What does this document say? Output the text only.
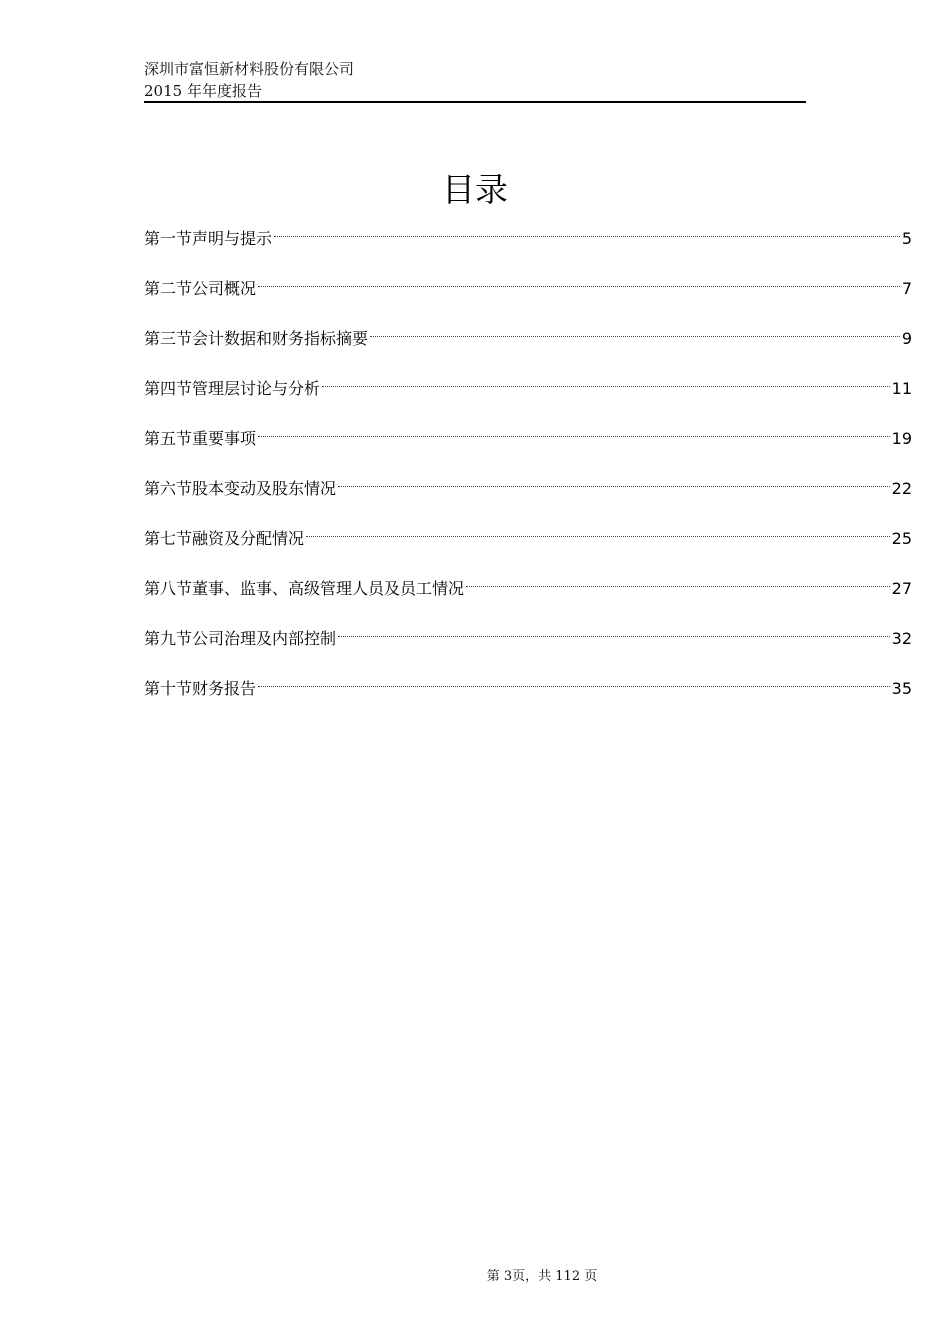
深圳市富恒新材料股份有限公司
2015 年年度报告
目录
第一节声明与提示	5
第二节公司概况	7
第三节会计数据和财务指标摘要	9
第四节管理层讨论与分析	11
第五节重要事项	19
第六节股本变动及股东情况	22
第七节融资及分配情况	25
第八节董事、监事、高级管理人员及员工情况	27
第九节公司治理及内部控制	32
第十节财务报告	35
第 3页，共 112 页
